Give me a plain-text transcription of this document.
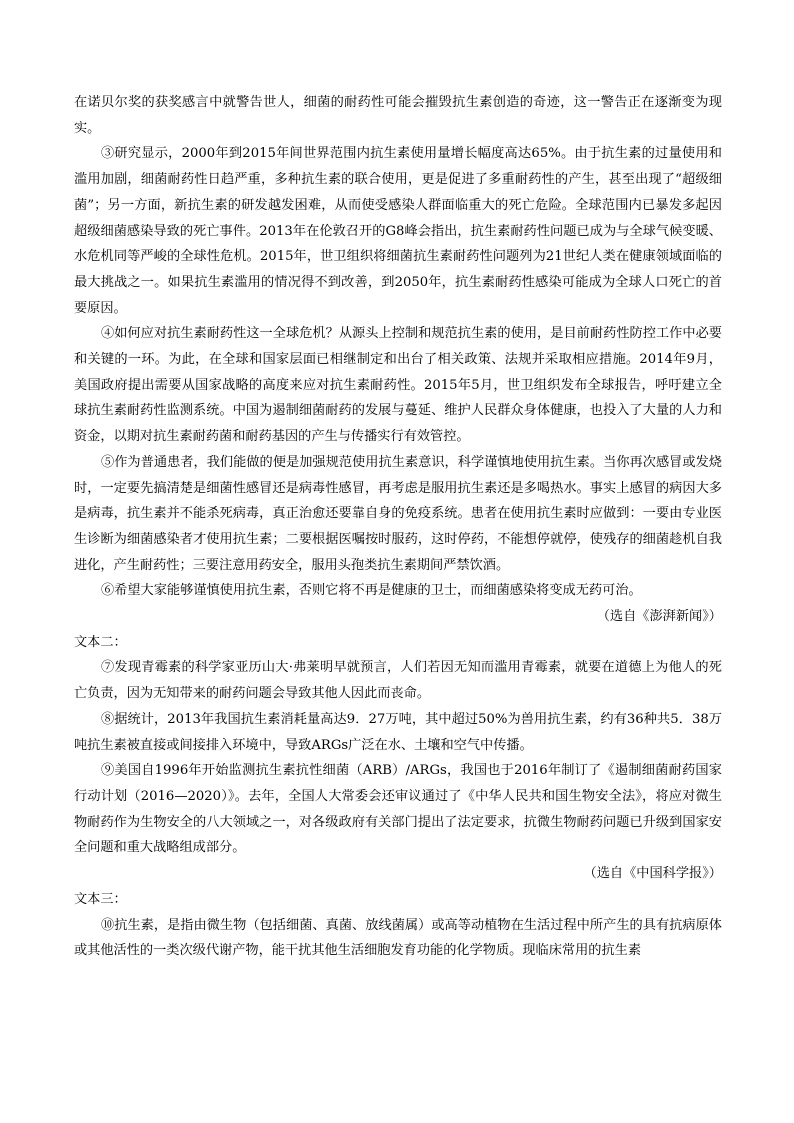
在诺贝尔奖的获奖感言中就警告世人，细菌的耐药性可能会摧毁抗生素创造的奇迹，这一警告正在逐渐变为现实。

③研究显示，2000年到2015年间世界范围内抗生素使用量增长幅度高达65%。由于抗生素的过量使用和滥用加剧，细菌耐药性日趋严重，多种抗生素的联合使用，更是促进了多重耐药性的产生，甚至出现了“超级细菌”；另一方面，新抗生素的研发越发困难，从而使受感染人群面临重大的死亡危险。全球范围内已暴发多起因超级细菌感染导致的死亡事件。2013年在伦敦召开的G8峰会指出，抗生素耐药性问题已成为与全球气候变暖、水危机同等严峻的全球性危机。2015年，世卫组织将细菌抗生素耐药性问题列为21世纪人类在健康领域面临的最大挑战之一。如果抗生素滥用的情况得不到改善，到2050年，抗生素耐药性感染可能成为全球人口死亡的首要原因。

④如何应对抗生素耐药性这一全球危机？从源头上控制和规范抗生素的使用，是目前耐药性防控工作中必要和关键的一环。为此，在全球和国家层面已相继制定和出台了相关政策、法规并采取相应措施。2014年9月，美国政府提出需要从国家战略的高度来应对抗生素耐药性。2015年5月，世卫组织发布全球报告，呼吁建立全球抗生素耐药性监测系统。中国为遏制细菌耐药的发展与蔓延、维护人民群众身体健康，也投入了大量的人力和资金，以期对抗生素耐药菌和耐药基因的产生与传播实行有效管控。

⑤作为普通患者，我们能做的便是加强规范使用抗生素意识，科学谨慎地使用抗生素。当你再次感冒或发烧时，一定要先搞清楚是细菌性感冒还是病毒性感冒，再考虑是服用抗生素还是多喝热水。事实上感冒的病因大多是病毒，抗生素并不能杀死病毒，真正治愈还要靠自身的免疫系统。患者在使用抗生素时应做到：一要由专业医生诊断为细菌感染者才使用抗生素；二要根据医嘱按时服药，这时停药，不能想停就停，使残存的细菌趁机自我进化，产生耐药性；三要注意用药安全，服用头孢类抗生素期间严禁饮酒。

⑥希望大家能够谨慎使用抗生素，否则它将不再是健康的卫士，而细菌感染将变成无药可治。

（选自《澎湃新闻》）

文本二：

⑦发现青霉素的科学家亚历山大·弗莱明早就预言，人们若因无知而滥用青霉素，就要在道德上为他人的死亡负责，因为无知带来的耐药问题会导致其他人因此而丧命。

⑧据统计，2013年我国抗生素消耗量高达9．27万吨，其中超过50%为兽用抗生素，约有36种共5．38万吨抗生素被直接或间接排入环境中，导致ARGs广泛在水、土壤和空气中传播。

⑨美国自1996年开始监测抗生素抗性细菌（ARB）/ARGs，我国也于2016年制订了《遏制细菌耐药国家行动计划（2016—2020）》。去年，全国人大常委会还审议通过了《中华人民共和国生物安全法》，将应对微生物耐药作为生物安全的八大领域之一，对各级政府有关部门提出了法定要求，抗微生物耐药问题已升级到国家安全问题和重大战略组成部分。

（选自《中国科学报》）

文本三：

⑩抗生素，是指由微生物（包括细菌、真菌、放线菌属）或高等动植物在生活过程中所产生的具有抗病原体或其他活性的一类次级代谢产物，能干扰其他生活细胞发育功能的化学物质。现临床常用的抗生素
